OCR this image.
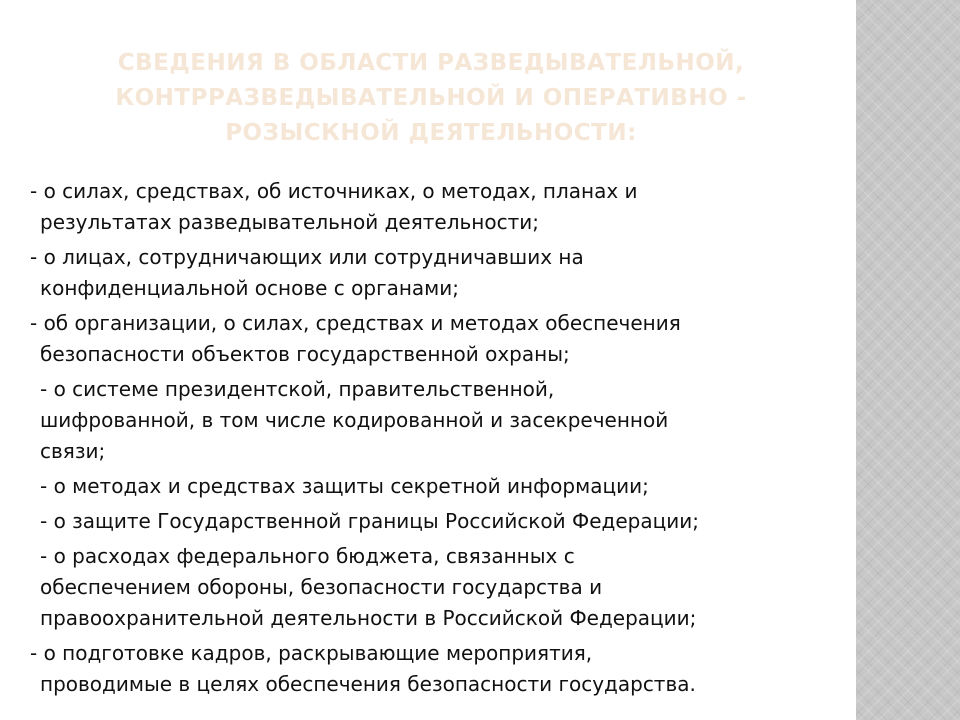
СВЕДЕНИЯ В ОБЛАСТИ РАЗВЕДЫВАТЕЛЬНОЙ,
КОНТРРАЗВЕДЫВАТЕЛЬНОЙ И ОПЕРАТИВНО -
РОЗЫСКНОЙ ДЕЯТЕЛЬНОСТИ:
- о силах, средствах, об источниках, о методах, планах и
результатах разведывательной деятельности;
- о лицах, сотрудничающих или сотрудничавших на
конфиденциальной основе с органами;
- об организации, о силах, средствах и методах обеспечения
безопасности объектов государственной охраны;
- о системе президентской, правительственной,
шифрованной, в том числе кодированной и засекреченной
связи;
- о методах и средствах защиты секретной информации;
- о защите Государственной границы Российской Федерации;
- о расходах федерального бюджета, связанных с
обеспечением обороны, безопасности государства и
правоохранительной деятельности в Российской Федерации;
- о подготовке кадров, раскрывающие мероприятия,
проводимые в целях обеспечения безопасности государства.
